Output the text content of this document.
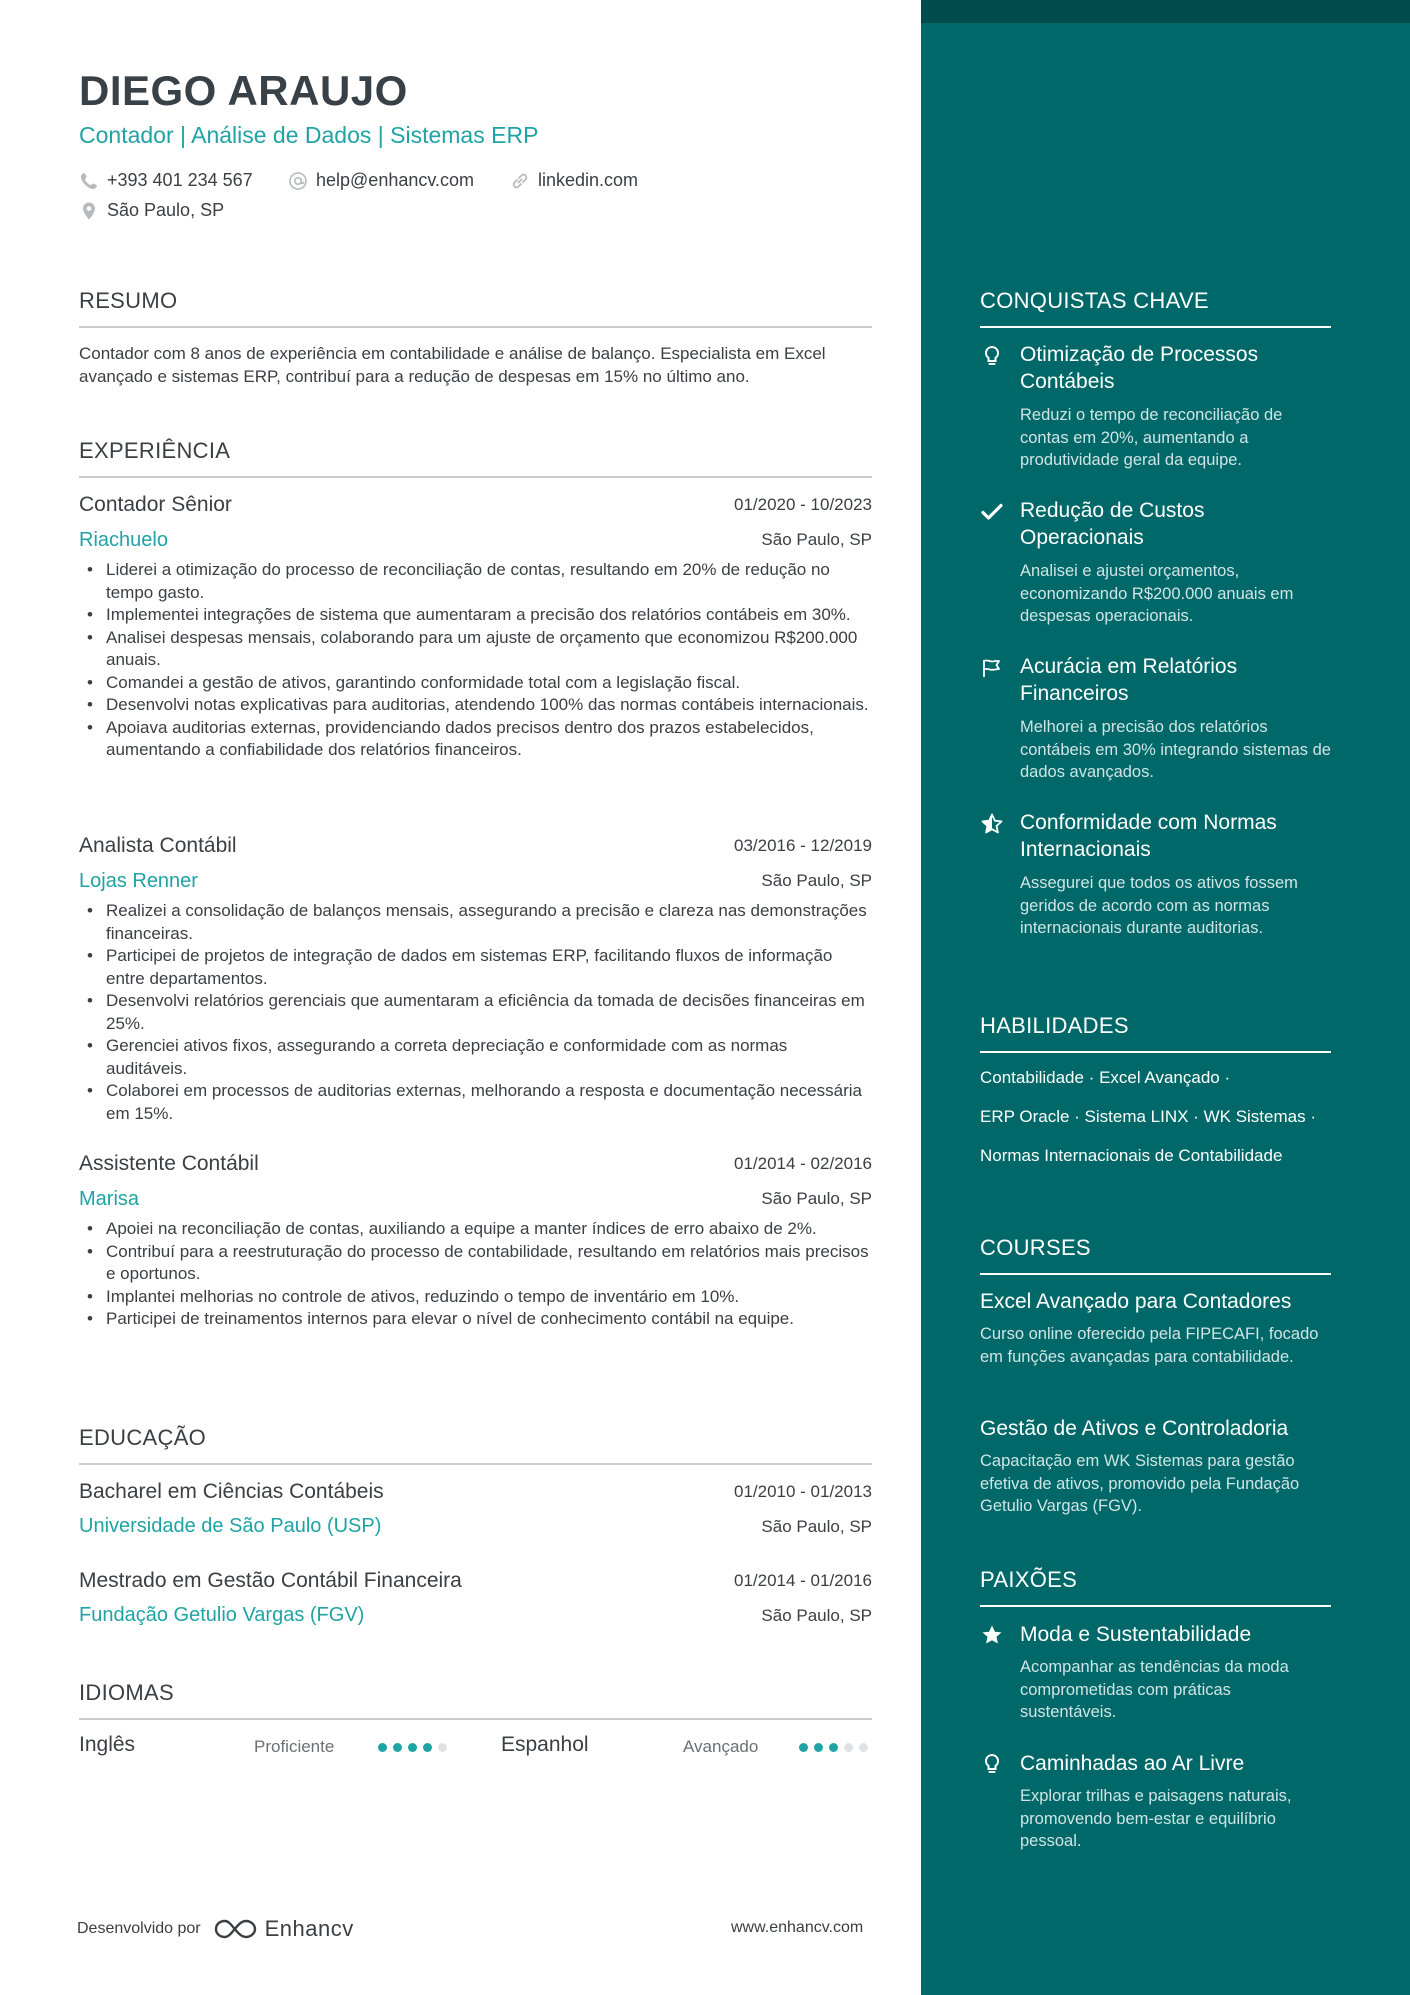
DIEGO ARAUJO
Contador | Análise de Dados | Sistemas ERP
+393 401 234 567	help@enhancv.com	linkedin.com
São Paulo, SP
RESUMO
Contador com 8 anos de experiência em contabilidade e análise de balanço. Especialista em Excel avançado e sistemas ERP, contribuí para a redução de despesas em 15% no último ano.
EXPERIÊNCIA
Contador Sênior	01/2020 - 10/2023
Riachuelo	São Paulo, SP
• Liderei a otimização do processo de reconciliação de contas, resultando em 20% de redução no tempo gasto.
• Implementei integrações de sistema que aumentaram a precisão dos relatórios contábeis em 30%.
• Analisei despesas mensais, colaborando para um ajuste de orçamento que economizou R$200.000 anuais.
• Comandei a gestão de ativos, garantindo conformidade total com a legislação fiscal.
• Desenvolvi notas explicativas para auditorias, atendendo 100% das normas contábeis internacionais.
• Apoiava auditorias externas, providenciando dados precisos dentro dos prazos estabelecidos, aumentando a confiabilidade dos relatórios financeiros.
Analista Contábil	03/2016 - 12/2019
Lojas Renner	São Paulo, SP
• Realizei a consolidação de balanços mensais, assegurando a precisão e clareza nas demonstrações financeiras.
• Participei de projetos de integração de dados em sistemas ERP, facilitando fluxos de informação entre departamentos.
• Desenvolvi relatórios gerenciais que aumentaram a eficiência da tomada de decisões financeiras em 25%.
• Gerenciei ativos fixos, assegurando a correta depreciação e conformidade com as normas auditáveis.
• Colaborei em processos de auditorias externas, melhorando a resposta e documentação necessária em 15%.
Assistente Contábil	01/2014 - 02/2016
Marisa	São Paulo, SP
• Apoiei na reconciliação de contas, auxiliando a equipe a manter índices de erro abaixo de 2%.
• Contribuí para a reestruturação do processo de contabilidade, resultando em relatórios mais precisos e oportunos.
• Implantei melhorias no controle de ativos, reduzindo o tempo de inventário em 10%.
• Participei de treinamentos internos para elevar o nível de conhecimento contábil na equipe.
EDUCAÇÃO
Bacharel em Ciências Contábeis	01/2010 - 01/2013
Universidade de São Paulo (USP)	São Paulo, SP
Mestrado em Gestão Contábil Financeira	01/2014 - 01/2016
Fundação Getulio Vargas (FGV)	São Paulo, SP
IDIOMAS
Inglês	Proficiente	Espanhol	Avançado
Desenvolvido por	Enhancv	www.enhancv.com
CONQUISTAS CHAVE
Otimização de Processos Contábeis
Reduzi o tempo de reconciliação de contas em 20%, aumentando a produtividade geral da equipe.
Redução de Custos Operacionais
Analisei e ajustei orçamentos, economizando R$200.000 anuais em despesas operacionais.
Acurácia em Relatórios Financeiros
Melhorei a precisão dos relatórios contábeis em 30% integrando sistemas de dados avançados.
Conformidade com Normas Internacionais
Assegurei que todos os ativos fossem geridos de acordo com as normas internacionais durante auditorias.
HABILIDADES
Contabilidade · Excel Avançado ·
ERP Oracle · Sistema LINX · WK Sistemas ·
Normas Internacionais de Contabilidade
COURSES
Excel Avançado para Contadores
Curso online oferecido pela FIPECAFI, focado em funções avançadas para contabilidade.
Gestão de Ativos e Controladoria
Capacitação em WK Sistemas para gestão efetiva de ativos, promovido pela Fundação Getulio Vargas (FGV).
PAIXÕES
Moda e Sustentabilidade
Acompanhar as tendências da moda comprometidas com práticas sustentáveis.
Caminhadas ao Ar Livre
Explorar trilhas e paisagens naturais, promovendo bem-estar e equilíbrio pessoal.
